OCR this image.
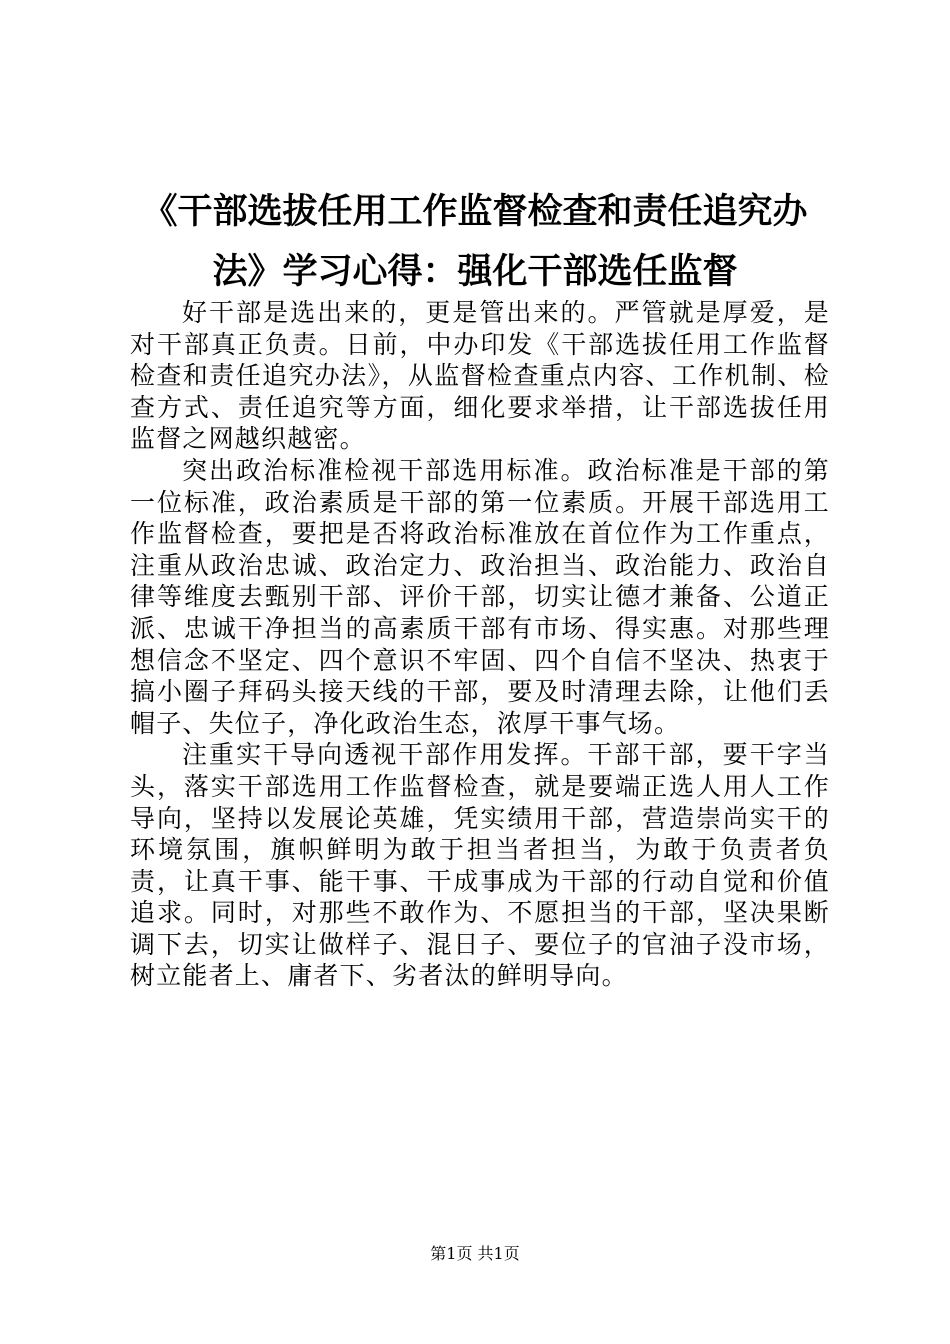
《干部选拔任用工作监督检查和责任追究办
法》学习心得：强化干部选任监督

好干部是选出来的，更是管出来的。严管就是厚爱，是对干部真正负责。日前，中办印发《干部选拔任用工作监督检查和责任追究办法》，从监督检查重点内容、工作机制、检查方式、责任追究等方面，细化要求举措，让干部选拔任用监督之网越织越密。

突出政治标准检视干部选用标准。政治标准是干部的第一位标准，政治素质是干部的第一位素质。开展干部选用工作监督检查，要把是否将政治标准放在首位作为工作重点，注重从政治忠诚、政治定力、政治担当、政治能力、政治自律等维度去甄别干部、评价干部，切实让德才兼备、公道正派、忠诚干净担当的高素质干部有市场、得实惠。对那些理想信念不坚定、四个意识不牢固、四个自信不坚决、热衷于搞小圈子拜码头接天线的干部，要及时清理去除，让他们丢帽子、失位子，净化政治生态，浓厚干事气场。

注重实干导向透视干部作用发挥。干部干部，要干字当头，落实干部选用工作监督检查，就是要端正选人用人工作导向，坚持以发展论英雄，凭实绩用干部，营造崇尚实干的环境氛围，旗帜鲜明为敢于担当者担当，为敢于负责者负责，让真干事、能干事、干成事成为干部的行动自觉和价值追求。同时，对那些不敢作为、不愿担当的干部，坚决果断调下去，切实让做样子、混日子、要位子的官油子没市场，树立能者上、庸者下、劣者汰的鲜明导向。

第1页 共1页
